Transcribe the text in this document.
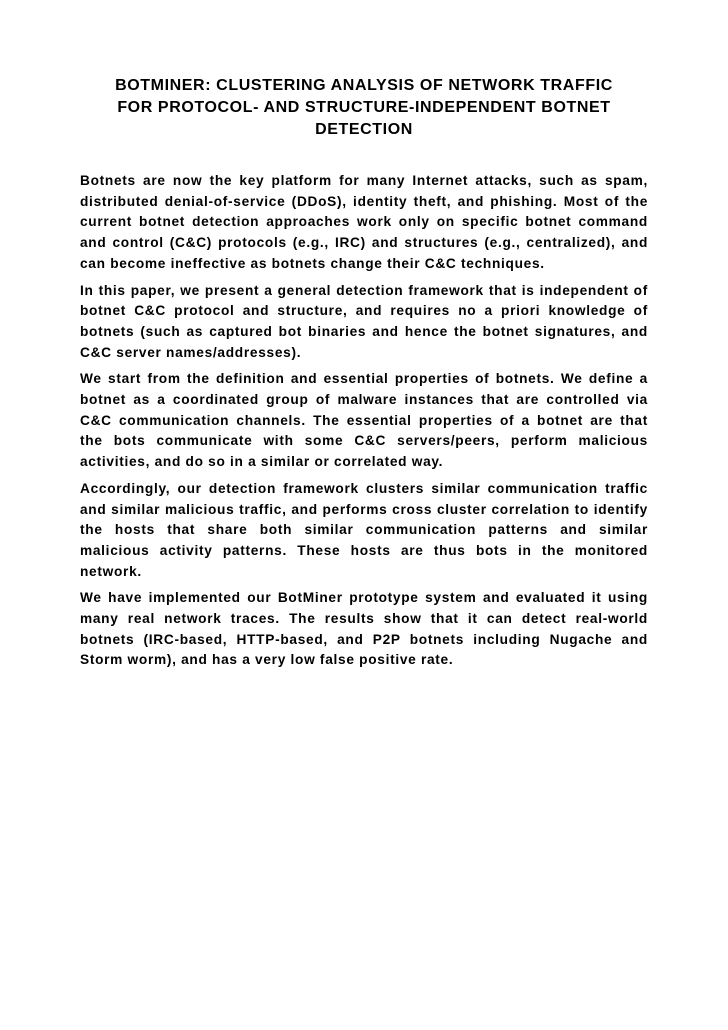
BOTMINER: CLUSTERING ANALYSIS OF NETWORK TRAFFIC
FOR PROTOCOL- AND STRUCTURE-INDEPENDENT BOTNET
DETECTION

Botnets are now the key platform for many Internet attacks, such as spam, distributed denial-of-service (DDoS), identity theft, and phishing. Most of the current botnet detection approaches work only on specific botnet command and control (C&C) protocols (e.g., IRC) and structures (e.g., centralized), and can become ineffective as botnets change their C&C techniques.

In this paper, we present a general detection framework that is independent of botnet C&C protocol and structure, and requires no a priori knowledge of botnets (such as captured bot binaries and hence the botnet signatures, and C&C server names/addresses).

We start from the definition and essential properties of botnets. We define a botnet as a coordinated group of malware instances that are controlled via C&C communication channels. The essential properties of a botnet are that the bots communicate with some C&C servers/peers, perform malicious activities, and do so in a similar or correlated way.

Accordingly, our detection framework clusters similar communication traffic and similar malicious traffic, and performs cross cluster correlation to identify the hosts that share both similar communication patterns and similar malicious activity patterns. These hosts are thus bots in the monitored network.

We have implemented our BotMiner prototype system and evaluated it using many real network traces. The results show that it can detect real-world botnets (IRC-based, HTTP-based, and P2P botnets including Nugache and Storm worm), and has a very low false positive rate.
